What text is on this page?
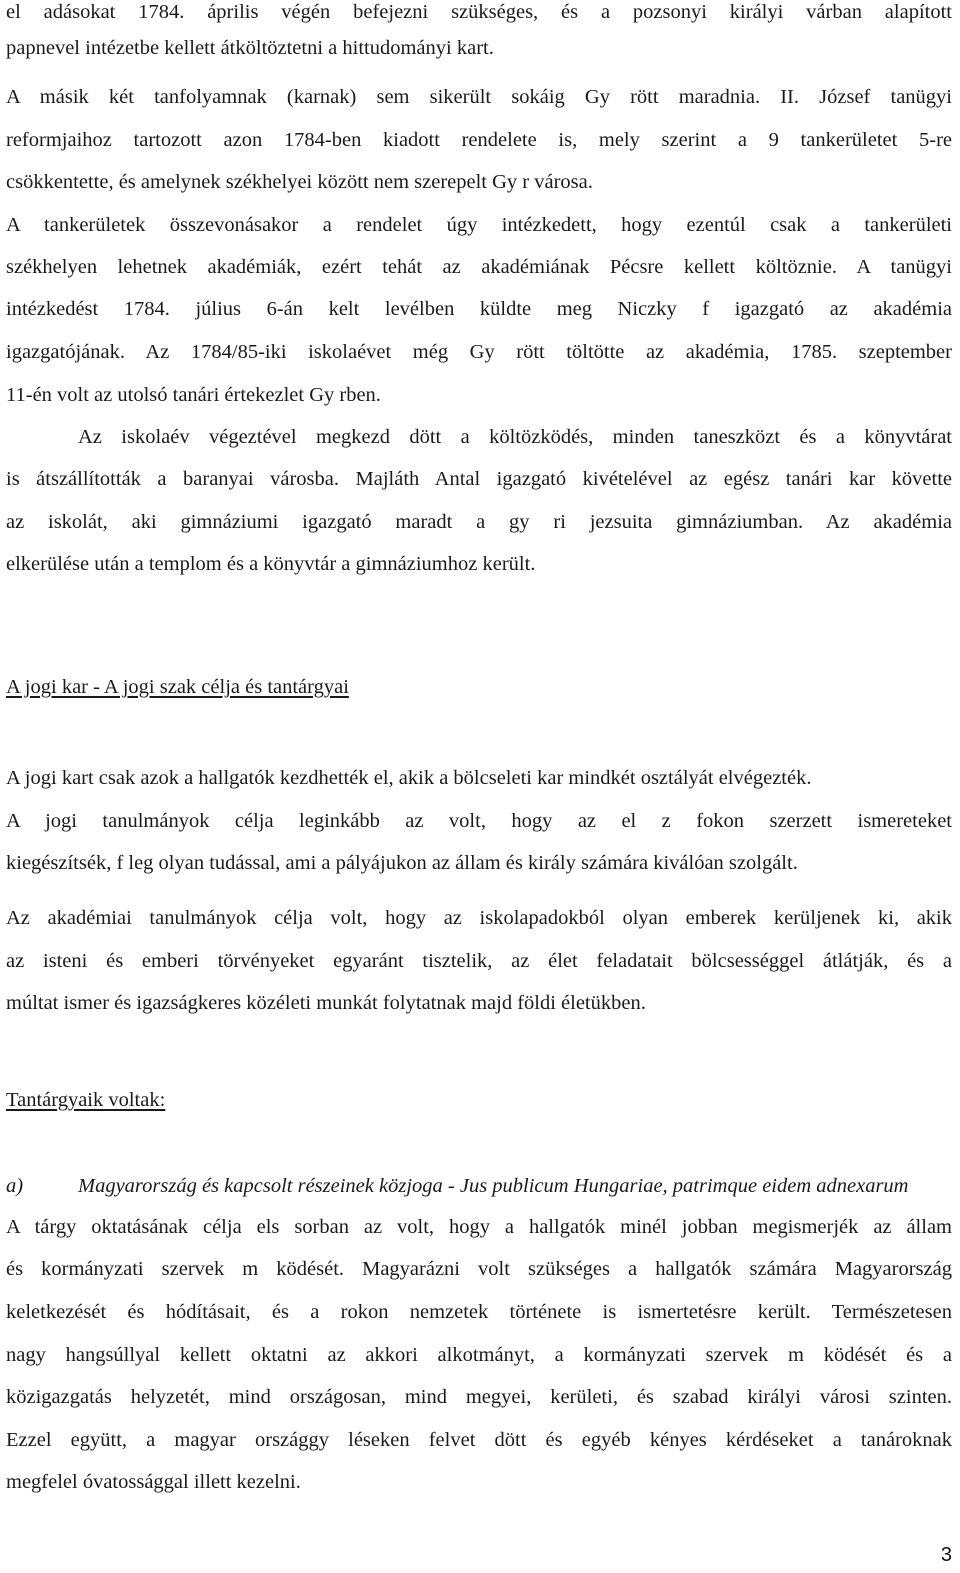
el adásokat 1784. április végén befejezni szükséges, és a pozsonyi királyi várban alapított
papnevel intézetbe kellett átköltöztetni a hittudományi kart.
A másik két tanfolyamnak (karnak) sem sikerült sokáig Gy rött maradnia. II. József tanügyi
reformjaihoz tartozott azon 1784-ben kiadott rendelete is, mely szerint a 9 tankerületet 5-re
csökkentette, és amelynek székhelyei között nem szerepelt Gy r városa.
A tankerületek összevonásakor a rendelet úgy intézkedett, hogy ezentúl csak a tankerületi
székhelyen lehetnek akadémiák, ezért tehát az akadémiának Pécsre kellett költöznie. A tanügyi
intézkedést 1784. július 6-án kelt levélben küldte meg Niczky f igazgató az akadémia
igazgatójának. Az 1784/85-iki iskolaévet még Gy rött töltötte az akadémia, 1785. szeptember
11-én volt az utolsó tanári értekezlet Gy rben.
Az iskolaév végeztével megkezd dött a költözködés, minden taneszközt és a könyvtárat
is átszállították a baranyai városba. Majláth Antal igazgató kivételével az egész tanári kar követte
az iskolát, aki gimnáziumi igazgató maradt a gy ri jezsuita gimnáziumban. Az akadémia
elkerülése után a templom és a könyvtár a gimnáziumhoz került.
A jogi kar - A jogi szak célja és tantárgyai
A jogi kart csak azok a hallgatók kezdhették el, akik a bölcseleti kar mindkét osztályát elvégezték.
A jogi tanulmányok célja leginkább az volt, hogy az el z fokon szerzett ismereteket
kiegészítsék, f leg olyan tudással, ami a pályájukon az állam és király számára kiválóan szolgált.
Az akadémiai tanulmányok célja volt, hogy az iskolapadokból olyan emberek kerüljenek ki, akik
az isteni és emberi törvényeket egyaránt tisztelik, az élet feladatait bölcsességgel átlátják, és a
múltat ismer és igazságkeres közéleti munkát folytatnak majd földi életükben.
Tantárgyaik voltak:
a)	Magyarország és kapcsolt részeinek közjoga - Jus publicum Hungariae, patrimque eidem adnexarum
A tárgy oktatásának célja els sorban az volt, hogy a hallgatók minél jobban megismerjék az állam
és kormányzati szervek m ködését. Magyarázni volt szükséges a hallgatók számára Magyarország
keletkezését és hódításait, és a rokon nemzetek története is ismertetésre került. Természetesen
nagy hangsúllyal kellett oktatni az akkori alkotmányt, a kormányzati szervek m ködését és a
közigazgatás helyzetét, mind országosan, mind megyei, kerületi, és szabad királyi városi szinten.
Ezzel együtt, a magyar országgy léseken felvet dött és egyéb kényes kérdéseket a tanároknak
megfelel óvatossággal illett kezelni.
3
